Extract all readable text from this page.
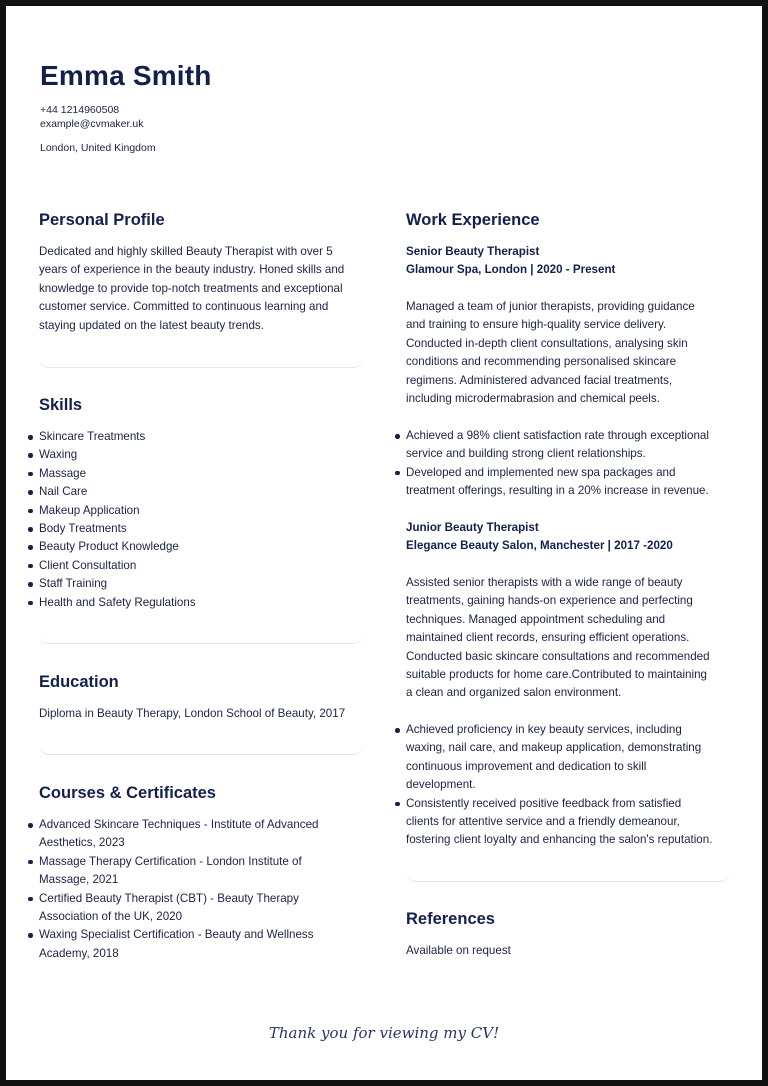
Emma Smith
+44 1214960508
example@cvmaker.uk
London, United Kingdom
Personal Profile
Dedicated and highly skilled Beauty Therapist with over 5
years of experience in the beauty industry. Honed skills and
knowledge to provide top-notch treatments and exceptional
customer service. Committed to continuous learning and
staying updated on the latest beauty trends.
Skills
Skincare Treatments
Waxing
Massage
Nail Care
Makeup Application
Body Treatments
Beauty Product Knowledge
Client Consultation
Staff Training
Health and Safety Regulations
Education
Diploma in Beauty Therapy, London School of Beauty, 2017
Courses & Certificates
Advanced Skincare Techniques - Institute of Advanced
Aesthetics, 2023
Massage Therapy Certification - London Institute of
Massage, 2021
Certified Beauty Therapist (CBT) - Beauty Therapy
Association of the UK, 2020
Waxing Specialist Certification - Beauty and Wellness
Academy, 2018
Work Experience
Senior Beauty Therapist
Glamour Spa, London | 2020 - Present
Managed a team of junior therapists, providing guidance
and training to ensure high-quality service delivery.
Conducted in-depth client consultations, analysing skin
conditions and recommending personalised skincare
regimens. Administered advanced facial treatments,
including microdermabrasion and chemical peels.
Achieved a 98% client satisfaction rate through exceptional
service and building strong client relationships.
Developed and implemented new spa packages and
treatment offerings, resulting in a 20% increase in revenue.
Junior Beauty Therapist
Elegance Beauty Salon, Manchester | 2017 -2020
Assisted senior therapists with a wide range of beauty
treatments, gaining hands-on experience and perfecting
techniques. Managed appointment scheduling and
maintained client records, ensuring efficient operations.
Conducted basic skincare consultations and recommended
suitable products for home care.Contributed to maintaining
a clean and organized salon environment.
Achieved proficiency in key beauty services, including
waxing, nail care, and makeup application, demonstrating
continuous improvement and dedication to skill
development.
Consistently received positive feedback from satisfied
clients for attentive service and a friendly demeanour,
fostering client loyalty and enhancing the salon's reputation.
References
Available on request
Thank you for viewing my CV!
